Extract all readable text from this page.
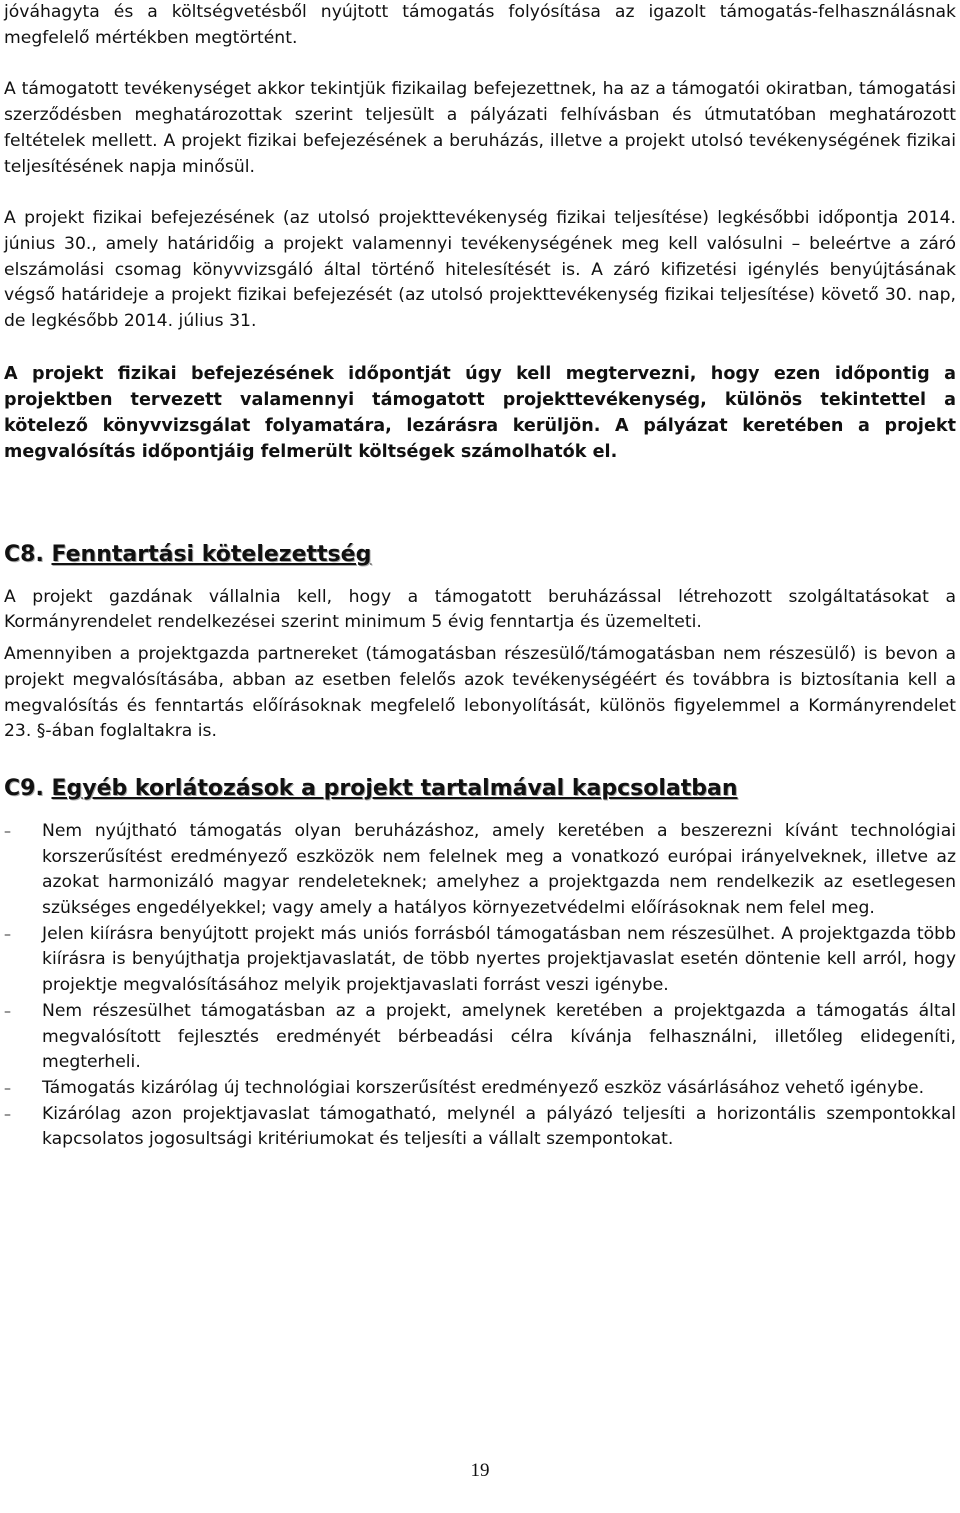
jóváhagyta és a költségvetésből nyújtott támogatás folyósítása az igazolt támogatás-felhasználásnak megfelelő mértékben megtörtént.

A támogatott tevékenységet akkor tekintjük fizikailag befejezettnek, ha az a támogatói okiratban, támogatási szerződésben meghatározottak szerint teljesült a pályázati felhívásban és útmutatóban meghatározott feltételek mellett. A projekt fizikai befejezésének a beruházás, illetve a projekt utolsó tevékenységének fizikai teljesítésének napja minősül.

A projekt fizikai befejezésének (az utolsó projekttevékenység fizikai teljesítése) legkésőbbi időpontja 2014. június 30., amely határidőig a projekt valamennyi tevékenységének meg kell valósulni – beleértve a záró elszámolási csomag könyvvizsgáló által történő hitelesítését is. A záró kifizetési igénylés benyújtásának végső határideje a projekt fizikai befejezését (az utolsó projekttevékenység fizikai teljesítése) követő 30. nap, de legkésőbb 2014. július 31.

A projekt fizikai befejezésének időpontját úgy kell megtervezni, hogy ezen időpontig a projektben tervezett valamennyi támogatott projekttevékenység, különös tekintettel a kötelező könyvvizsgálat folyamatára, lezárásra kerüljön. A pályázat keretében a projekt megvalósítás időpontjáig felmerült költségek számolhatók el.

C8. Fenntartási kötelezettség

A projekt gazdának vállalnia kell, hogy a támogatott beruházással létrehozott szolgáltatásokat a Kormányrendelet rendelkezései szerint minimum 5 évig fenntartja és üzemelteti.

Amennyiben a projektgazda partnereket (támogatásban részesülő/támogatásban nem részesülő) is bevon a projekt megvalósításába, abban az esetben felelős azok tevékenységéért és továbbra is biztosítania kell a megvalósítás és fenntartás előírásoknak megfelelő lebonyolítását, különös figyelemmel a Kormányrendelet 23. §-ában foglaltakra is.

C9. Egyéb korlátozások a projekt tartalmával kapcsolatban
–

Nem nyújtható támogatás olyan beruházáshoz, amely keretében a beszerezni kívánt technológiai korszerűsítést eredményező eszközök nem felelnek meg a vonatkozó európai irányelveknek, illetve az azokat harmonizáló magyar rendeleteknek; amelyhez a projektgazda nem rendelkezik az esetlegesen szükséges engedélyekkel; vagy amely a hatályos környezetvédelmi előírásoknak nem felel meg.

–

Jelen kiírásra benyújtott projekt más uniós forrásból támogatásban nem részesülhet. A projektgazda több kiírásra is benyújthatja projektjavaslatát, de több nyertes projektjavaslat esetén döntenie kell arról, hogy projektje megvalósításához melyik projektjavaslati forrást veszi igénybe.

–

Nem részesülhet támogatásban az a projekt, amelynek keretében a projektgazda a támogatás által megvalósított fejlesztés eredményét bérbeadási célra kívánja felhasználni, illetőleg elidegeníti, megterheli.

–

Támogatás kizárólag új technológiai korszerűsítést eredményező eszköz vásárlásához vehető igénybe.

–

Kizárólag azon projektjavaslat támogatható, melynél a pályázó teljesíti a horizontális szempontokkal kapcsolatos jogosultsági kritériumokat és teljesíti a vállalt szempontokat.

19
